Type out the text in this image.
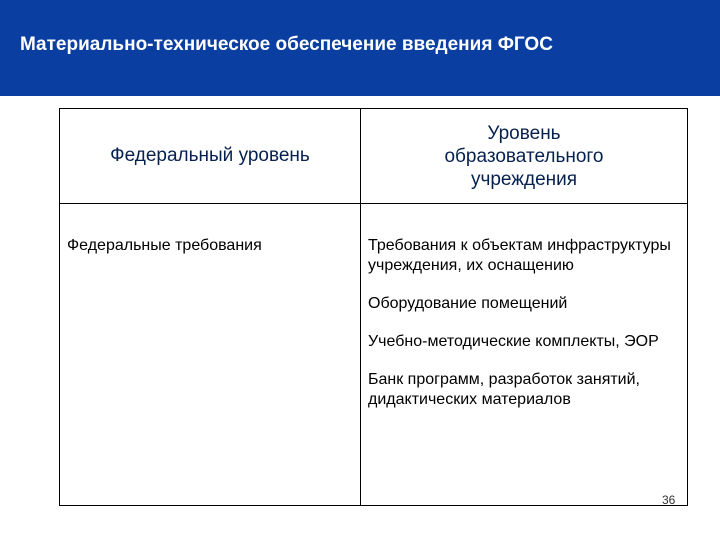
Материально-техническое обеспечение введения ФГОС
Федеральный уровень
Уровень образовательного учреждения
Федеральные требования	Требования к объектам инфраструктуры учреждения, их оснащению
Оборудование помещений
Учебно-методические комплекты, ЭОР
Банк программ, разработок занятий, дидактических материалов
36
